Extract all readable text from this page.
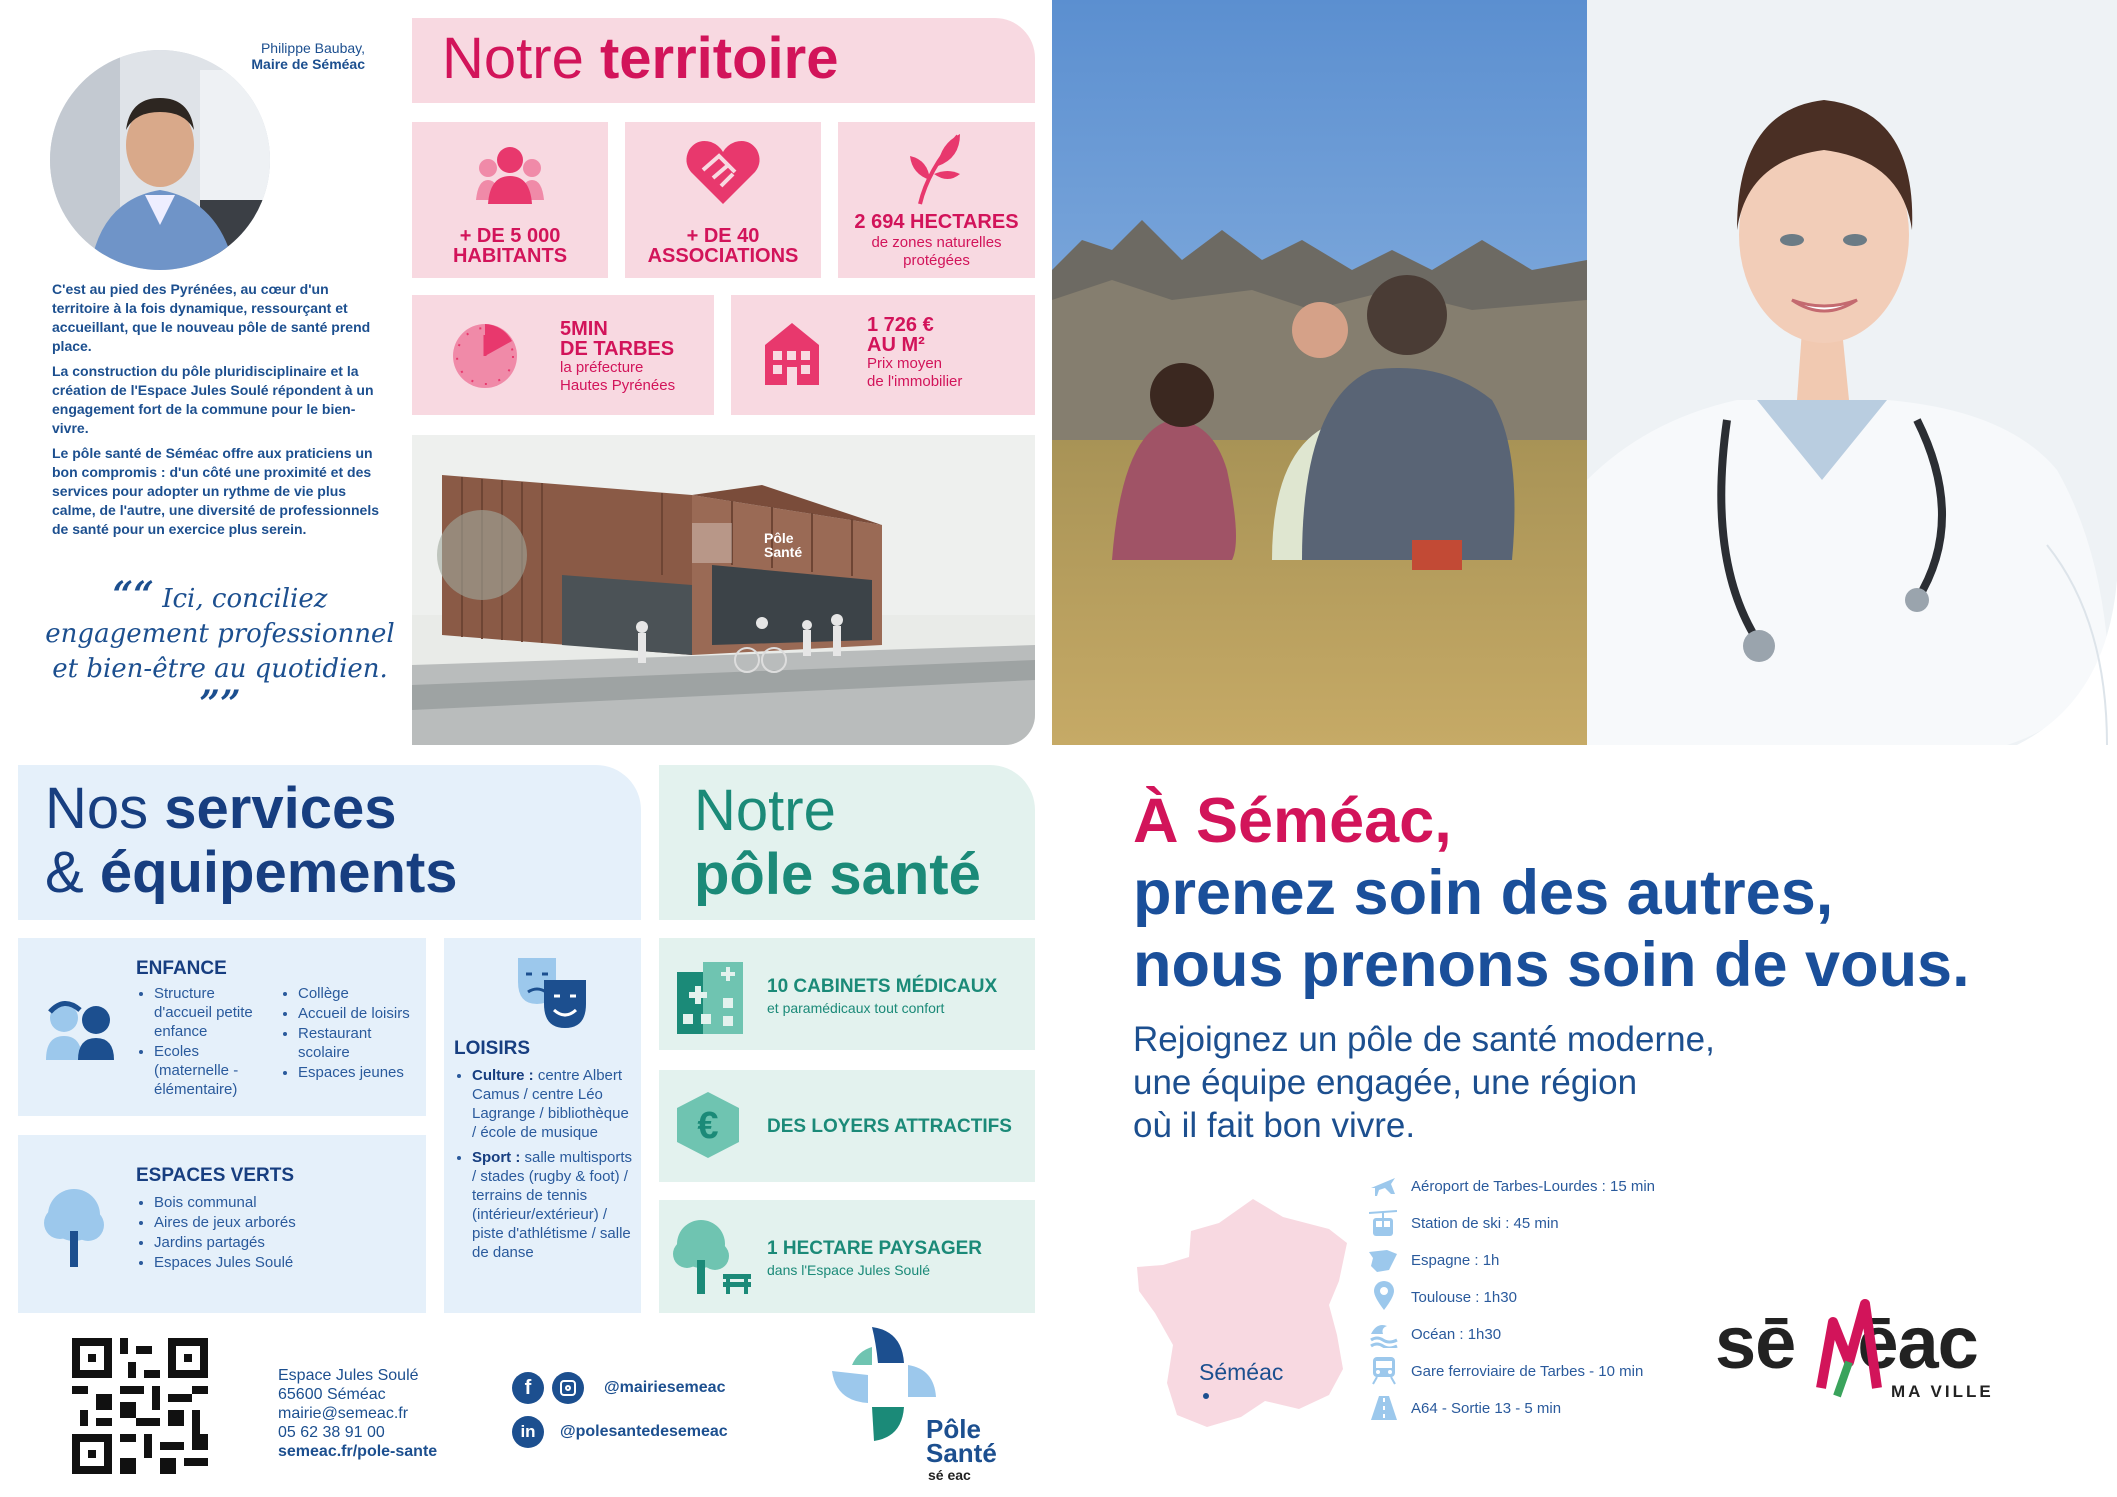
Philippe Baubay,
Maire de Séméac

C'est au pied des Pyrénées, au cœur d'un territoire à la fois dynamique, ressourçant et accueillant, que le nouveau pôle de santé prend place.

La construction du pôle pluridisciplinaire et la création de l'Espace Jules Soulé répondent à un engagement fort de la commune pour le bien-vivre.

Le pôle santé de Séméac offre aux praticiens un bon compromis : d'un côté une proximité et des services pour adopter un rythme de vie plus calme, de l'autre, une diversité de professionnels de santé pour un exercice plus serein.

““ Ici, conciliez
engagement professionnel
et bien-être au quotidien. ””
Notre territoire
+ DE 5 000 HABITANTS
+ DE 40 ASSOCIATIONS
2 694 HECTARES
de zones naturelles protégées
5MIN
DE TARBES
la préfecture
Hautes Pyrénées
1 726 €
AU M²
Prix moyen
de l'immobilier
Pôle
Santé
Nos services
& équipements
ENFANCE
• Structure d'accueil petite enfance
• Ecoles (maternelle - élémentaire)
• Collège
• Accueil de loisirs
• Restaurant scolaire
• Espaces jeunes
ESPACES VERTS
• Bois communal
• Aires de jeux arborés
• Jardins partagés
• Espaces Jules Soulé
LOISIRS
• Culture : centre Albert Camus / centre Léo Lagrange / bibliothèque / école de musique
• Sport : salle multisports / stades (rugby & foot) / terrains de tennis (intérieur/extérieur) / piste d'athlétisme / salle de danse
Notre
pôle santé
10 CABINETS MÉDICAUX
et paramédicaux tout confort
€	DES LOYERS ATTRACTIFS
1 HECTARE PAYSAGER
dans l'Espace Jules Soulé
À Séméac,
prenez soin des autres,
nous prenons soin de vous.
Rejoignez un pôle de santé moderne,
une équipe engagée, une région
où il fait bon vivre.
Séméac
Aéroport de Tarbes-Lourdes : 15 min
Station de ski : 45 min
Espagne : 1h
Toulouse : 1h30
Océan : 1h30
Gare ferroviaire de Tarbes - 10 min
A64 - Sortie 13 - 5 min
sē ēac
MA VILLE
Espace Jules Soulé
65600 Séméac
mairie@semeac.fr
05 62 38 91 00
semeac.fr/pole-sante
f	@mairiesemeac
in	@polesantedesemeac	Pôle
Santé
sé eac
